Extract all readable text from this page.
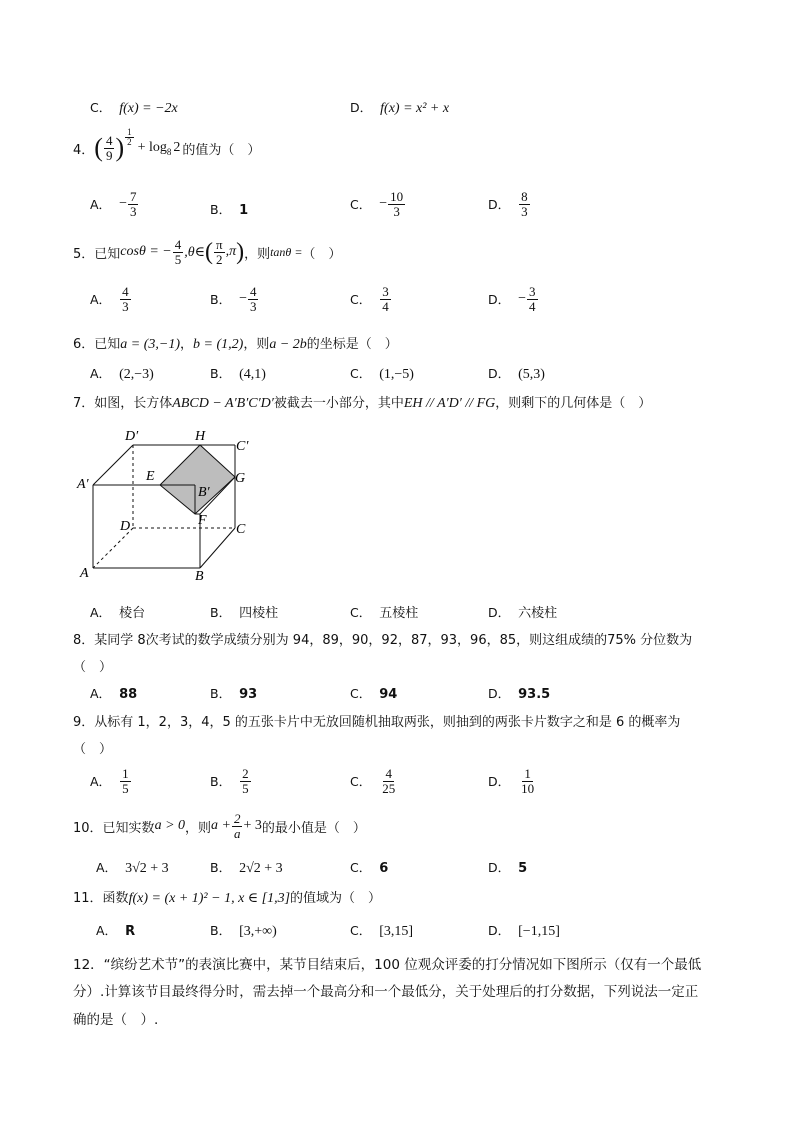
C． f(x) = −2x	D． f(x) = x² + x
4． ( $\frac{4}{9}$ ) $\frac{1}{2} + \log 8$ 2 的值为（　）
A． − $\frac{7}{3}$	B． 1	C． − $\frac{10}{3}$	D． $\frac{8}{3}$
5． 已知 cosθ = − $\frac{4}{5}$ ,θ∈ ( $\frac{\pi}{2} ,\pi$ ) ，则 tanθ = （　）
A． $\frac{4}{3}$	B． − $\frac{4}{3}$	C． $\frac{3}{4}$	D． − $\frac{3}{4}$
6．已知a = (3,−1)，b = (1,2)，则a − 2b的坐标是（　）
A． (2,−3)	B． (4,1)	C． (1,−5)	D． (5,3)
7．如图，长方体ABCD − A′B′C′D′被截去一小部分，其中EH // A′D′ // FG，则剩下的几何体是（　）
D′	H
C′
A′
E	G
B′
D	F
C
A	B
A． 棱台	B． 四棱柱	C． 五棱柱	D． 六棱柱
8．某同学 8次考试的数学成绩分别为 94，89，90，92，87，93，96，85，则这组成绩的75% 分位数为
（　）
A． 88	B． 93	C． 94	D． 93.5
9．从标有 1，2，3，4，5 的五张卡片中无放回随机抽取两张，则抽到的两张卡片数字之和是 6 的概率为
（　）
A． $\frac{1}{5}$	B． $\frac{2}{5}$	C． $\frac{4}{25}$	D． $\frac{1}{10}$
10． 已知实数 a > 0 ，则 $a + \frac{2}{a} + 3$ 的最小值是（　）
A． 3√2 + 3	B． 2√2 + 3	C． 6	D． 5
11．函数f(x) = (x + 1)² − 1, x ∈ [1,3]的值域为（　）
A． R	B． [3,+∞)	C． [3,15]	D． [−1,15]
12．“缤纷艺术节”的表演比赛中，某节目结束后，100 位观众评委的打分情况如下图所示（仅有一个最低
分）.计算该节目最终得分时，需去掉一个最高分和一个最低分，关于处理后的打分数据，下列说法一定正
确的是（　）.
